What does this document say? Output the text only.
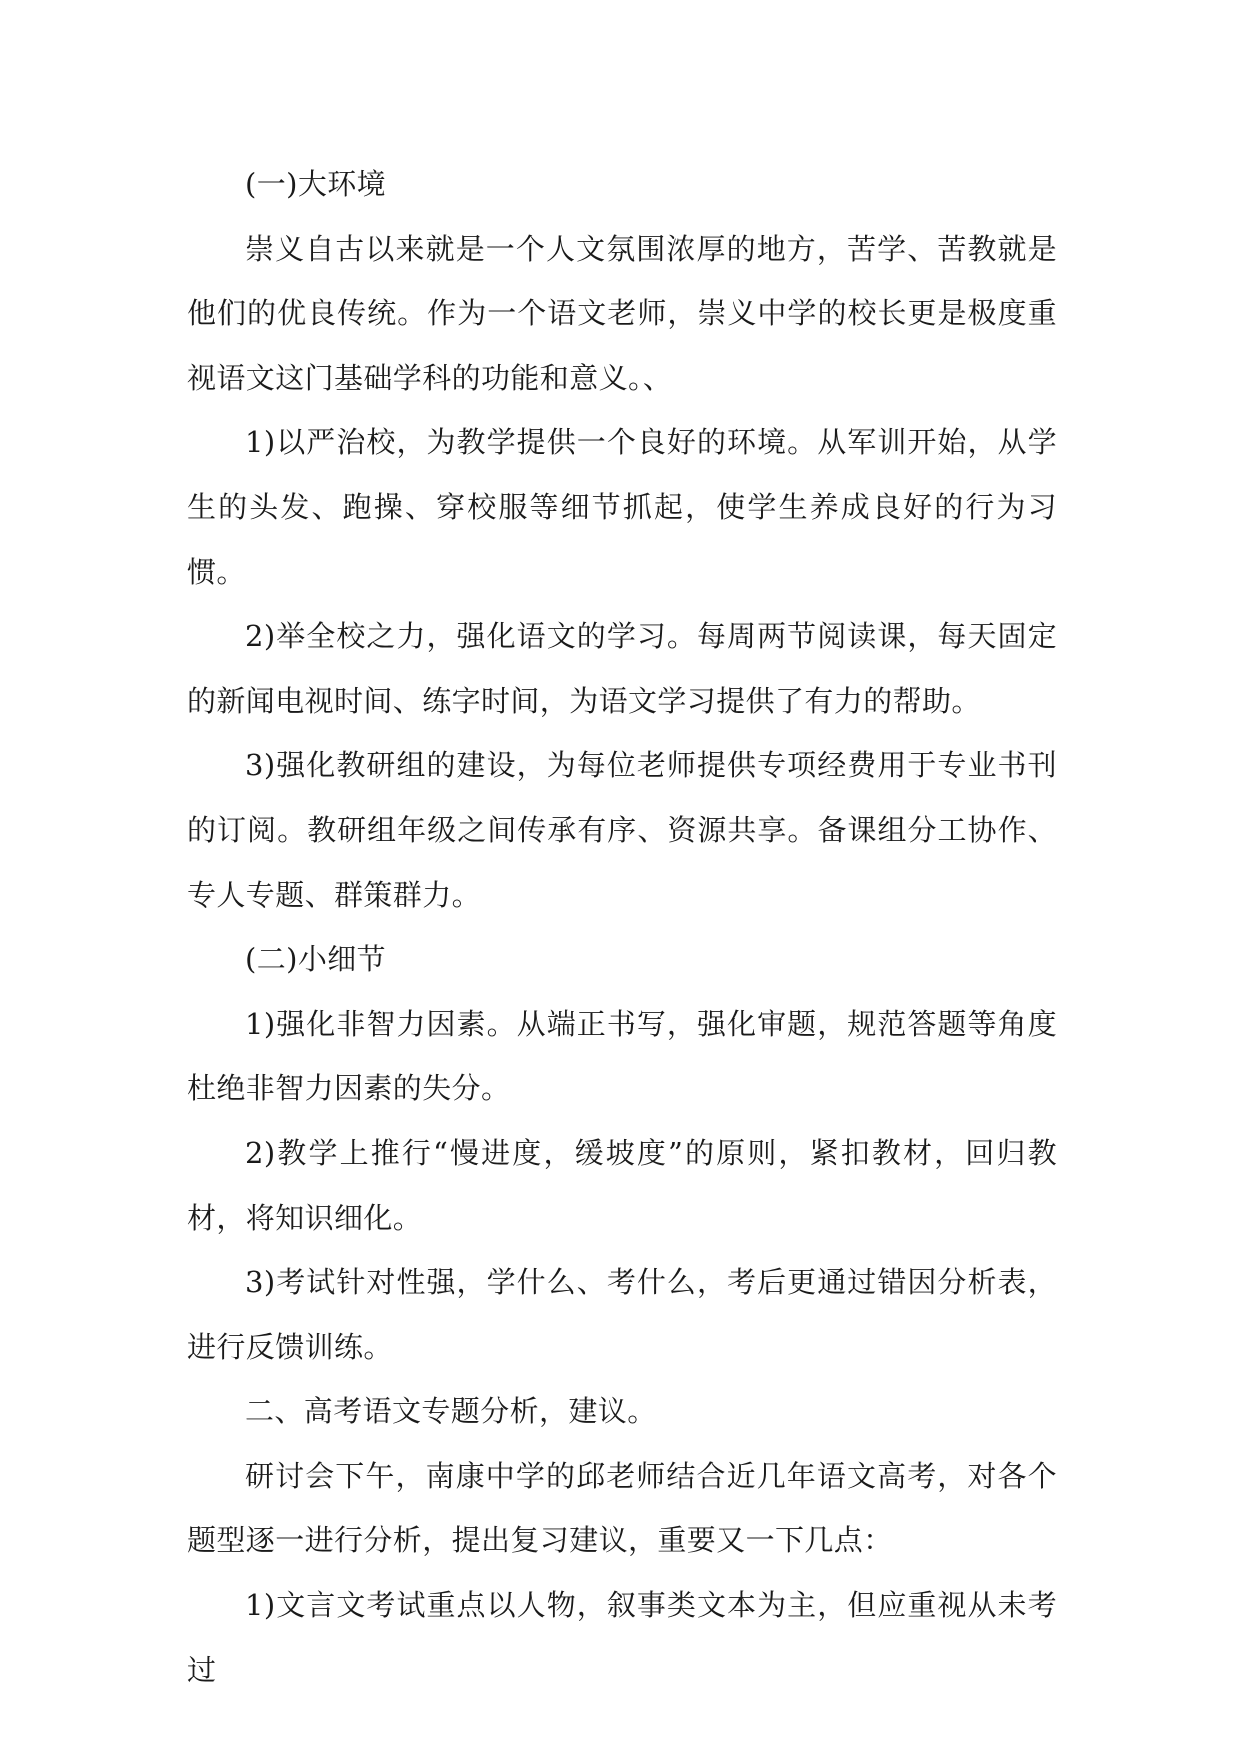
(一)大环境

崇义自古以来就是一个人文氛围浓厚的地方，苦学、苦教就是他们的优良传统。作为一个语文老师，崇义中学的校长更是极度重视语文这门基础学科的功能和意义。、

1)以严治校，为教学提供一个良好的环境。从军训开始，从学生的头发、跑操、穿校服等细节抓起，使学生养成良好的行为习惯。

2)举全校之力，强化语文的学习。每周两节阅读课，每天固定的新闻电视时间、练字时间，为语文学习提供了有力的帮助。

3)强化教研组的建设，为每位老师提供专项经费用于专业书刊的订阅。教研组年级之间传承有序、资源共享。备课组分工协作、专人专题、群策群力。

(二)小细节

1)强化非智力因素。从端正书写，强化审题，规范答题等角度杜绝非智力因素的失分。

2)教学上推行“慢进度，缓坡度”的原则，紧扣教材，回归教材，将知识细化。

3)考试针对性强，学什么、考什么，考后更通过错因分析表，进行反馈训练。

二、高考语文专题分析，建议。

研讨会下午，南康中学的邱老师结合近几年语文高考，对各个题型逐一进行分析，提出复习建议，重要又一下几点：

1)文言文考试重点以人物，叙事类文本为主，但应重视从未考过
